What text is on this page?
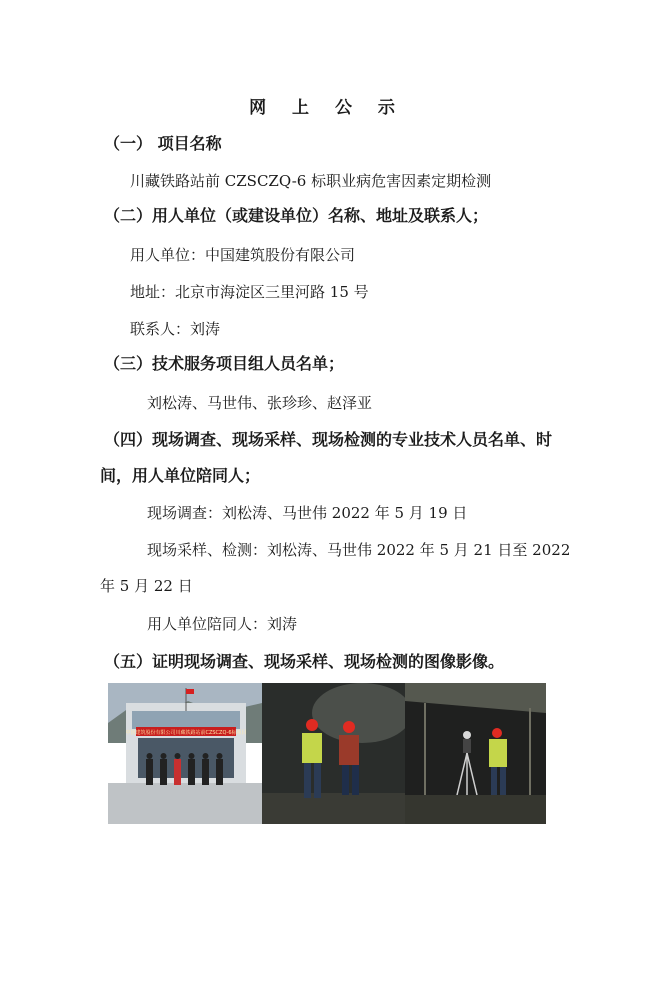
网 上 公 示
（一） 项目名称
川藏铁路站前 CZSCZQ-6 标职业病危害因素定期检测
（二）用人单位（或建设单位）名称、地址及联系人；
用人单位：中国建筑股份有限公司
地址：北京市海淀区三里河路 15 号
联系人：刘涛
（三）技术服务项目组人员名单；
刘松涛、马世伟、张珍珍、赵泽亚
（四）现场调查、现场采样、现场检测的专业技术人员名单、时
间，用人单位陪同人；
现场调查：刘松涛、马世伟 2022 年 5 月 19 日
现场采样、检测：刘松涛、马世伟 2022 年 5 月 21 日至 2022
年 5 月 22 日
用人单位陪同人：刘涛
（五）证明现场调查、现场采样、现场检测的图像影像。
中国建筑股份有限公司川藏铁路站前CZSCZQ-6标项目
